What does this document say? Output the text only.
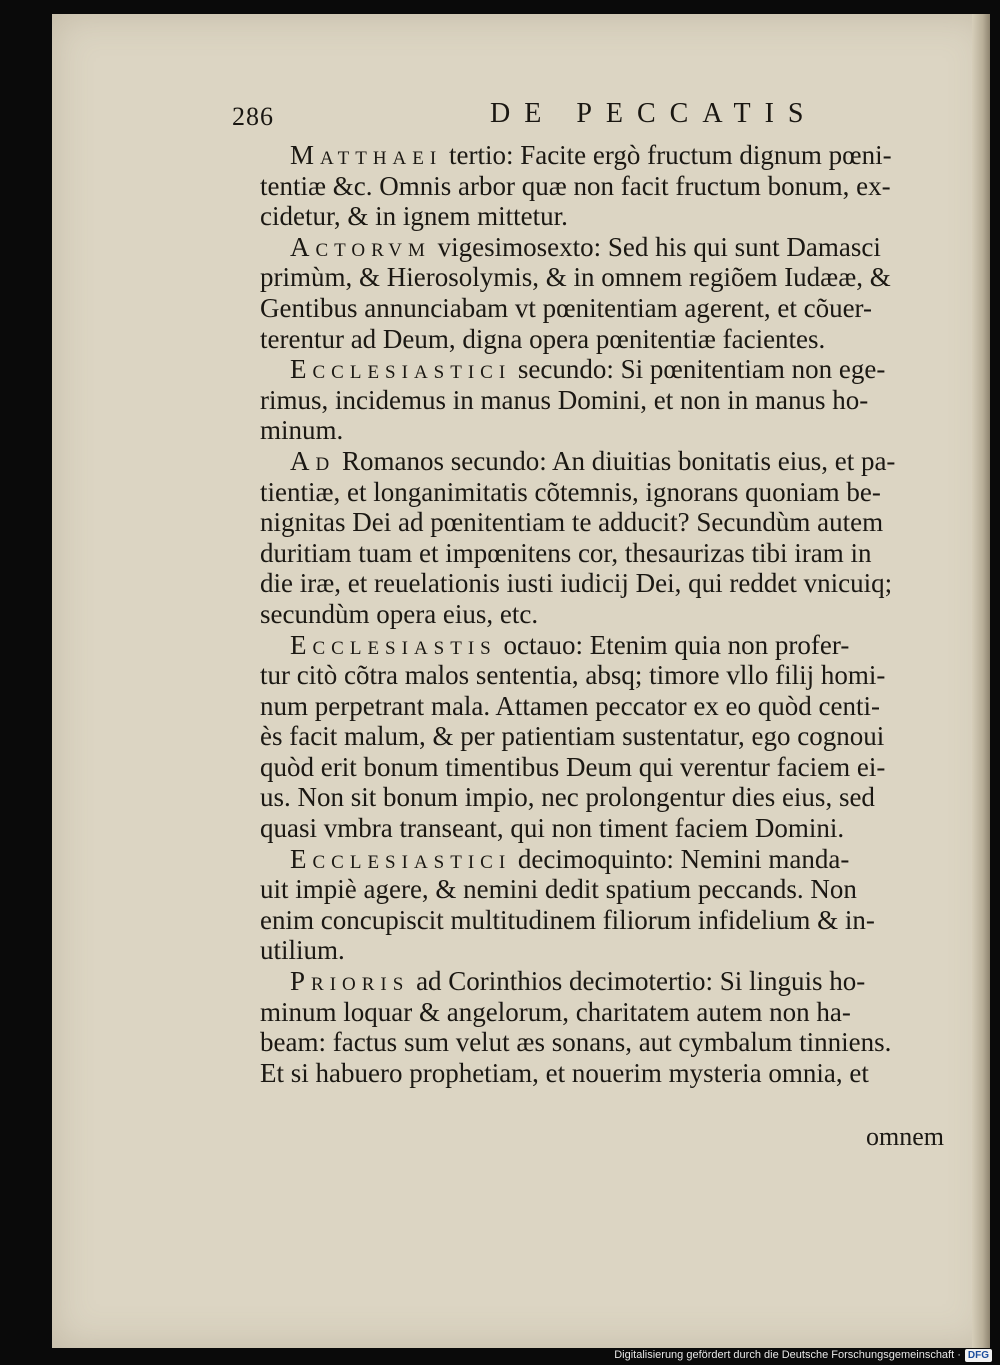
286	DE PECCATIS

Matthaei tertio: Facite ergò fructum dignum pœni-
tentiæ &c. Omnis arbor quæ non facit fructum bonum, ex-
cidetur, & in ignem mittetur.

Actorvm vigesimosexto: Sed his qui sunt Damasci
primùm, & Hierosolymis, & in omnem regiõem Iudææ, &
Gentibus annunciabam vt pœnitentiam agerent, et cõuer-
terentur ad Deum, digna opera pœnitentiæ facientes.

Ecclesiastici secundo: Si pœnitentiam non ege-
rimus, incidemus in manus Domini, et non in manus ho-
minum.

Ad Romanos secundo: An diuitias bonitatis eius, et pa-
tientiæ, et longanimitatis cõtemnis, ignorans quoniam be-
nignitas Dei ad pœnitentiam te adducit? Secundùm autem
duritiam tuam et impœnitens cor, thesaurizas tibi iram in
die iræ, et reuelationis iusti iudicij Dei, qui reddet vnicuiq;
secundùm opera eius, etc.

Ecclesiastis octauo: Etenim quia non profer-
tur citò cõtra malos sententia, absq; timore vllo filij homi-
num perpetrant mala. Attamen peccator ex eo quòd centi-
ès facit malum, & per patientiam sustentatur, ego cognoui
quòd erit bonum timentibus Deum qui verentur faciem ei-
us. Non sit bonum impio, nec prolongentur dies eius, sed
quasi vmbra transeant, qui non timent faciem Domini.

Ecclesiastici decimoquinto: Nemini manda-
uit impiè agere, & nemini dedit spatium peccands. Non
enim concupiscit multitudinem filiorum infidelium & in-
utilium.

Prioris ad Corinthios decimotertio: Si linguis ho-
minum loquar & angelorum, charitatem autem non ha-
beam: factus sum velut æs sonans, aut cymbalum tinniens.
Et si habuero prophetiam, et nouerim mysteria omnia, et

omnem
Digitalisierung gefördert durch die Deutsche Forschungsgemeinschaft · DFG
